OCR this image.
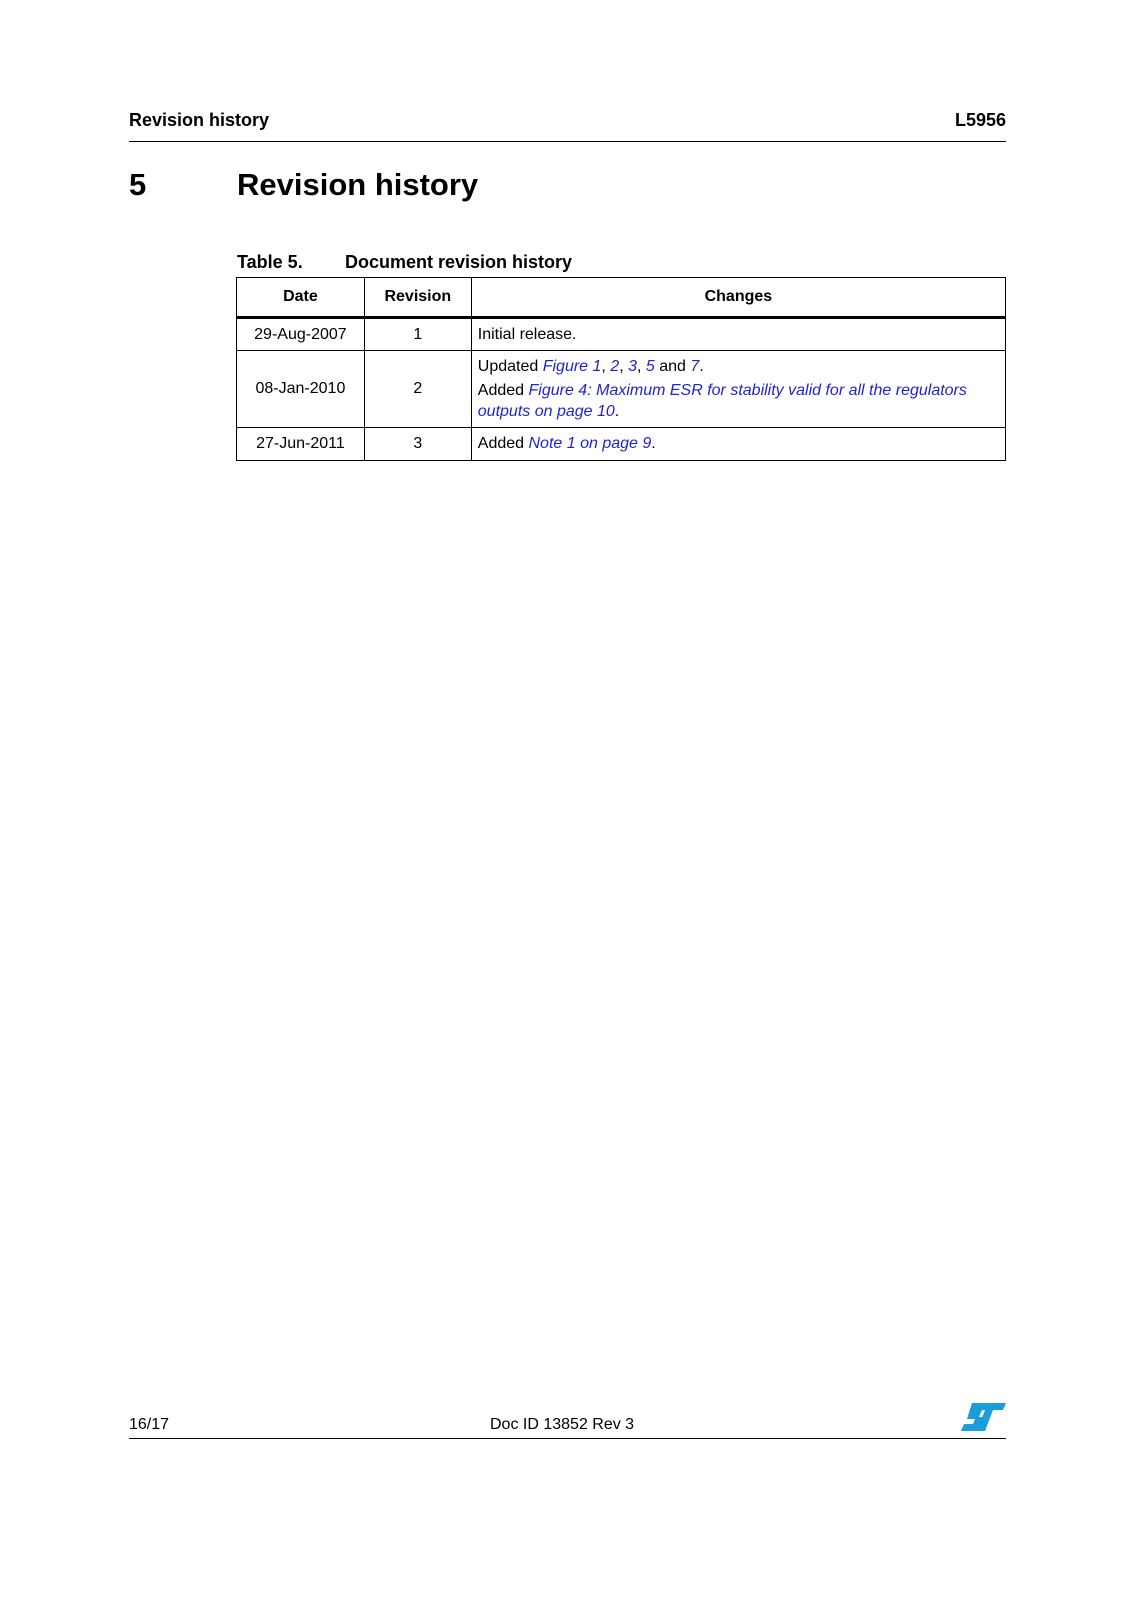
Revision history	L5956
5	Revision history
Table 5. Document revision history
Date	Revision	Changes
29-Aug-2007	1	Initial release.
08-Jan-2010	2	Updated Figure 1, 2, 3, 5 and 7.
Added Figure 4: Maximum ESR for stability valid for all the regulators outputs on page 10.

27-Jun-2011	3	Added Note 1 on page 9.
16/17	Doc ID 13852 Rev 3
